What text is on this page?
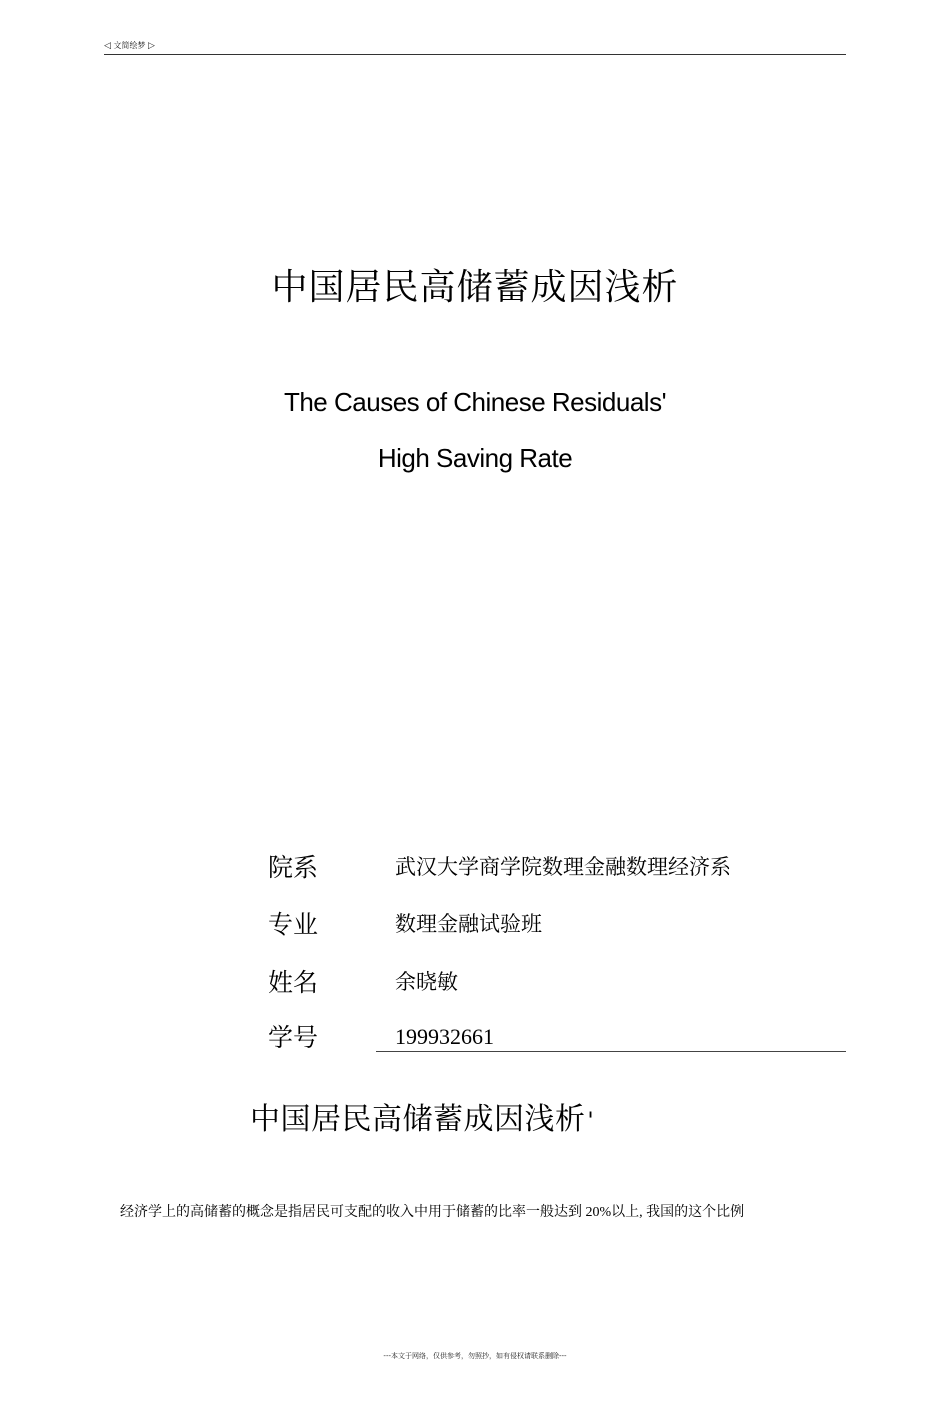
◁ 文简绘梦 ▷
中国居民高储蓄成因浅析
The Causes of Chinese Residuals'
High Saving Rate
院系	武汉大学商学院数理金融数理经济系
专业	数理金融试验班
姓名	余晓敏
学号	199932661
中国居民高储蓄成因浅析'
经济学上的高储蓄的概念是指居民可支配的收入中用于储蓄的比率一般达到 20%以上, 我国的这个比例
---本文于网络，仅供参考，勿照抄，如有侵权请联系删除---
